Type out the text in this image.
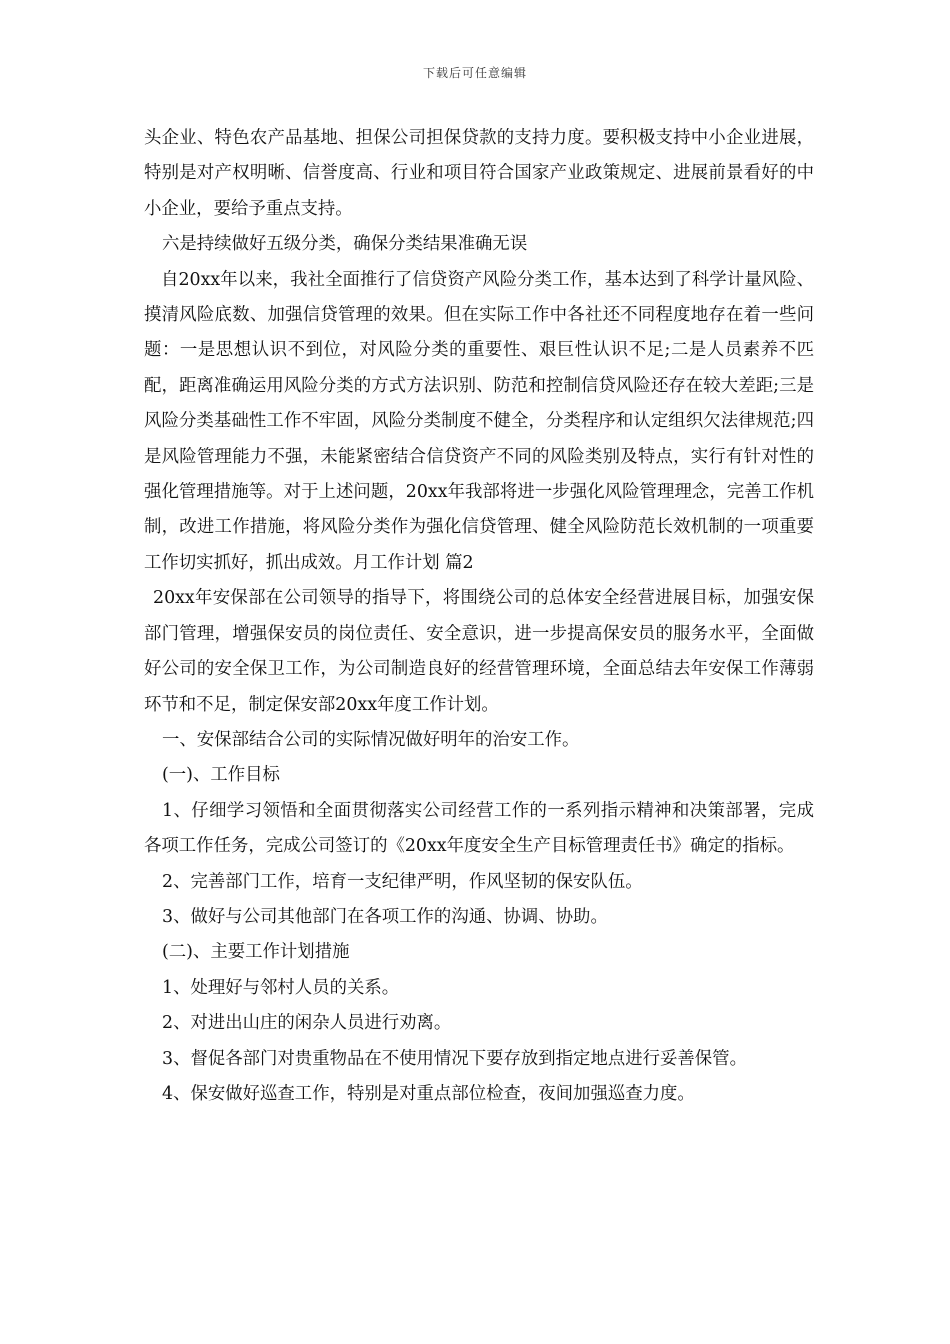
下载后可任意编辑

头企业、特色农产品基地、担保公司担保贷款的支持力度。要积极支持中小企业进展，特别是对产权明晰、信誉度高、行业和项目符合国家产业政策规定、进展前景看好的中小企业，要给予重点支持。

六是持续做好五级分类，确保分类结果准确无误

自20xx年以来，我社全面推行了信贷资产风险分类工作，基本达到了科学计量风险、摸清风险底数、加强信贷管理的效果。但在实际工作中各社还不同程度地存在着一些问题：一是思想认识不到位，对风险分类的重要性、艰巨性认识不足;二是人员素养不匹配，距离准确运用风险分类的方式方法识别、防范和控制信贷风险还存在较大差距;三是风险分类基础性工作不牢固，风险分类制度不健全，分类程序和认定组织欠法律规范;四是风险管理能力不强，未能紧密结合信贷资产不同的风险类别及特点，实行有针对性的强化管理措施等。对于上述问题，20xx年我部将进一步强化风险管理理念，完善工作机制，改进工作措施，将风险分类作为强化信贷管理、健全风险防范长效机制的一项重要工作切实抓好，抓出成效。月工作计划 篇2

20xx年安保部在公司领导的指导下，将围绕公司的总体安全经营进展目标，加强安保部门管理，增强保安员的岗位责任、安全意识，进一步提高保安员的服务水平，全面做好公司的安全保卫工作，为公司制造良好的经营管理环境，全面总结去年安保工作薄弱环节和不足，制定保安部20xx年度工作计划。

一、安保部结合公司的实际情况做好明年的治安工作。

(一)、工作目标

1、仔细学习领悟和全面贯彻落实公司经营工作的一系列指示精神和决策部署，完成各项工作任务，完成公司签订的《20xx年度安全生产目标管理责任书》确定的指标。

2、完善部门工作，培育一支纪律严明，作风坚韧的保安队伍。

3、做好与公司其他部门在各项工作的沟通、协调、协助。

(二)、主要工作计划措施

1、处理好与邻村人员的关系。

2、对进出山庄的闲杂人员进行劝离。

3、督促各部门对贵重物品在不使用情况下要存放到指定地点进行妥善保管。

4、保安做好巡查工作，特别是对重点部位检查，夜间加强巡查力度。
